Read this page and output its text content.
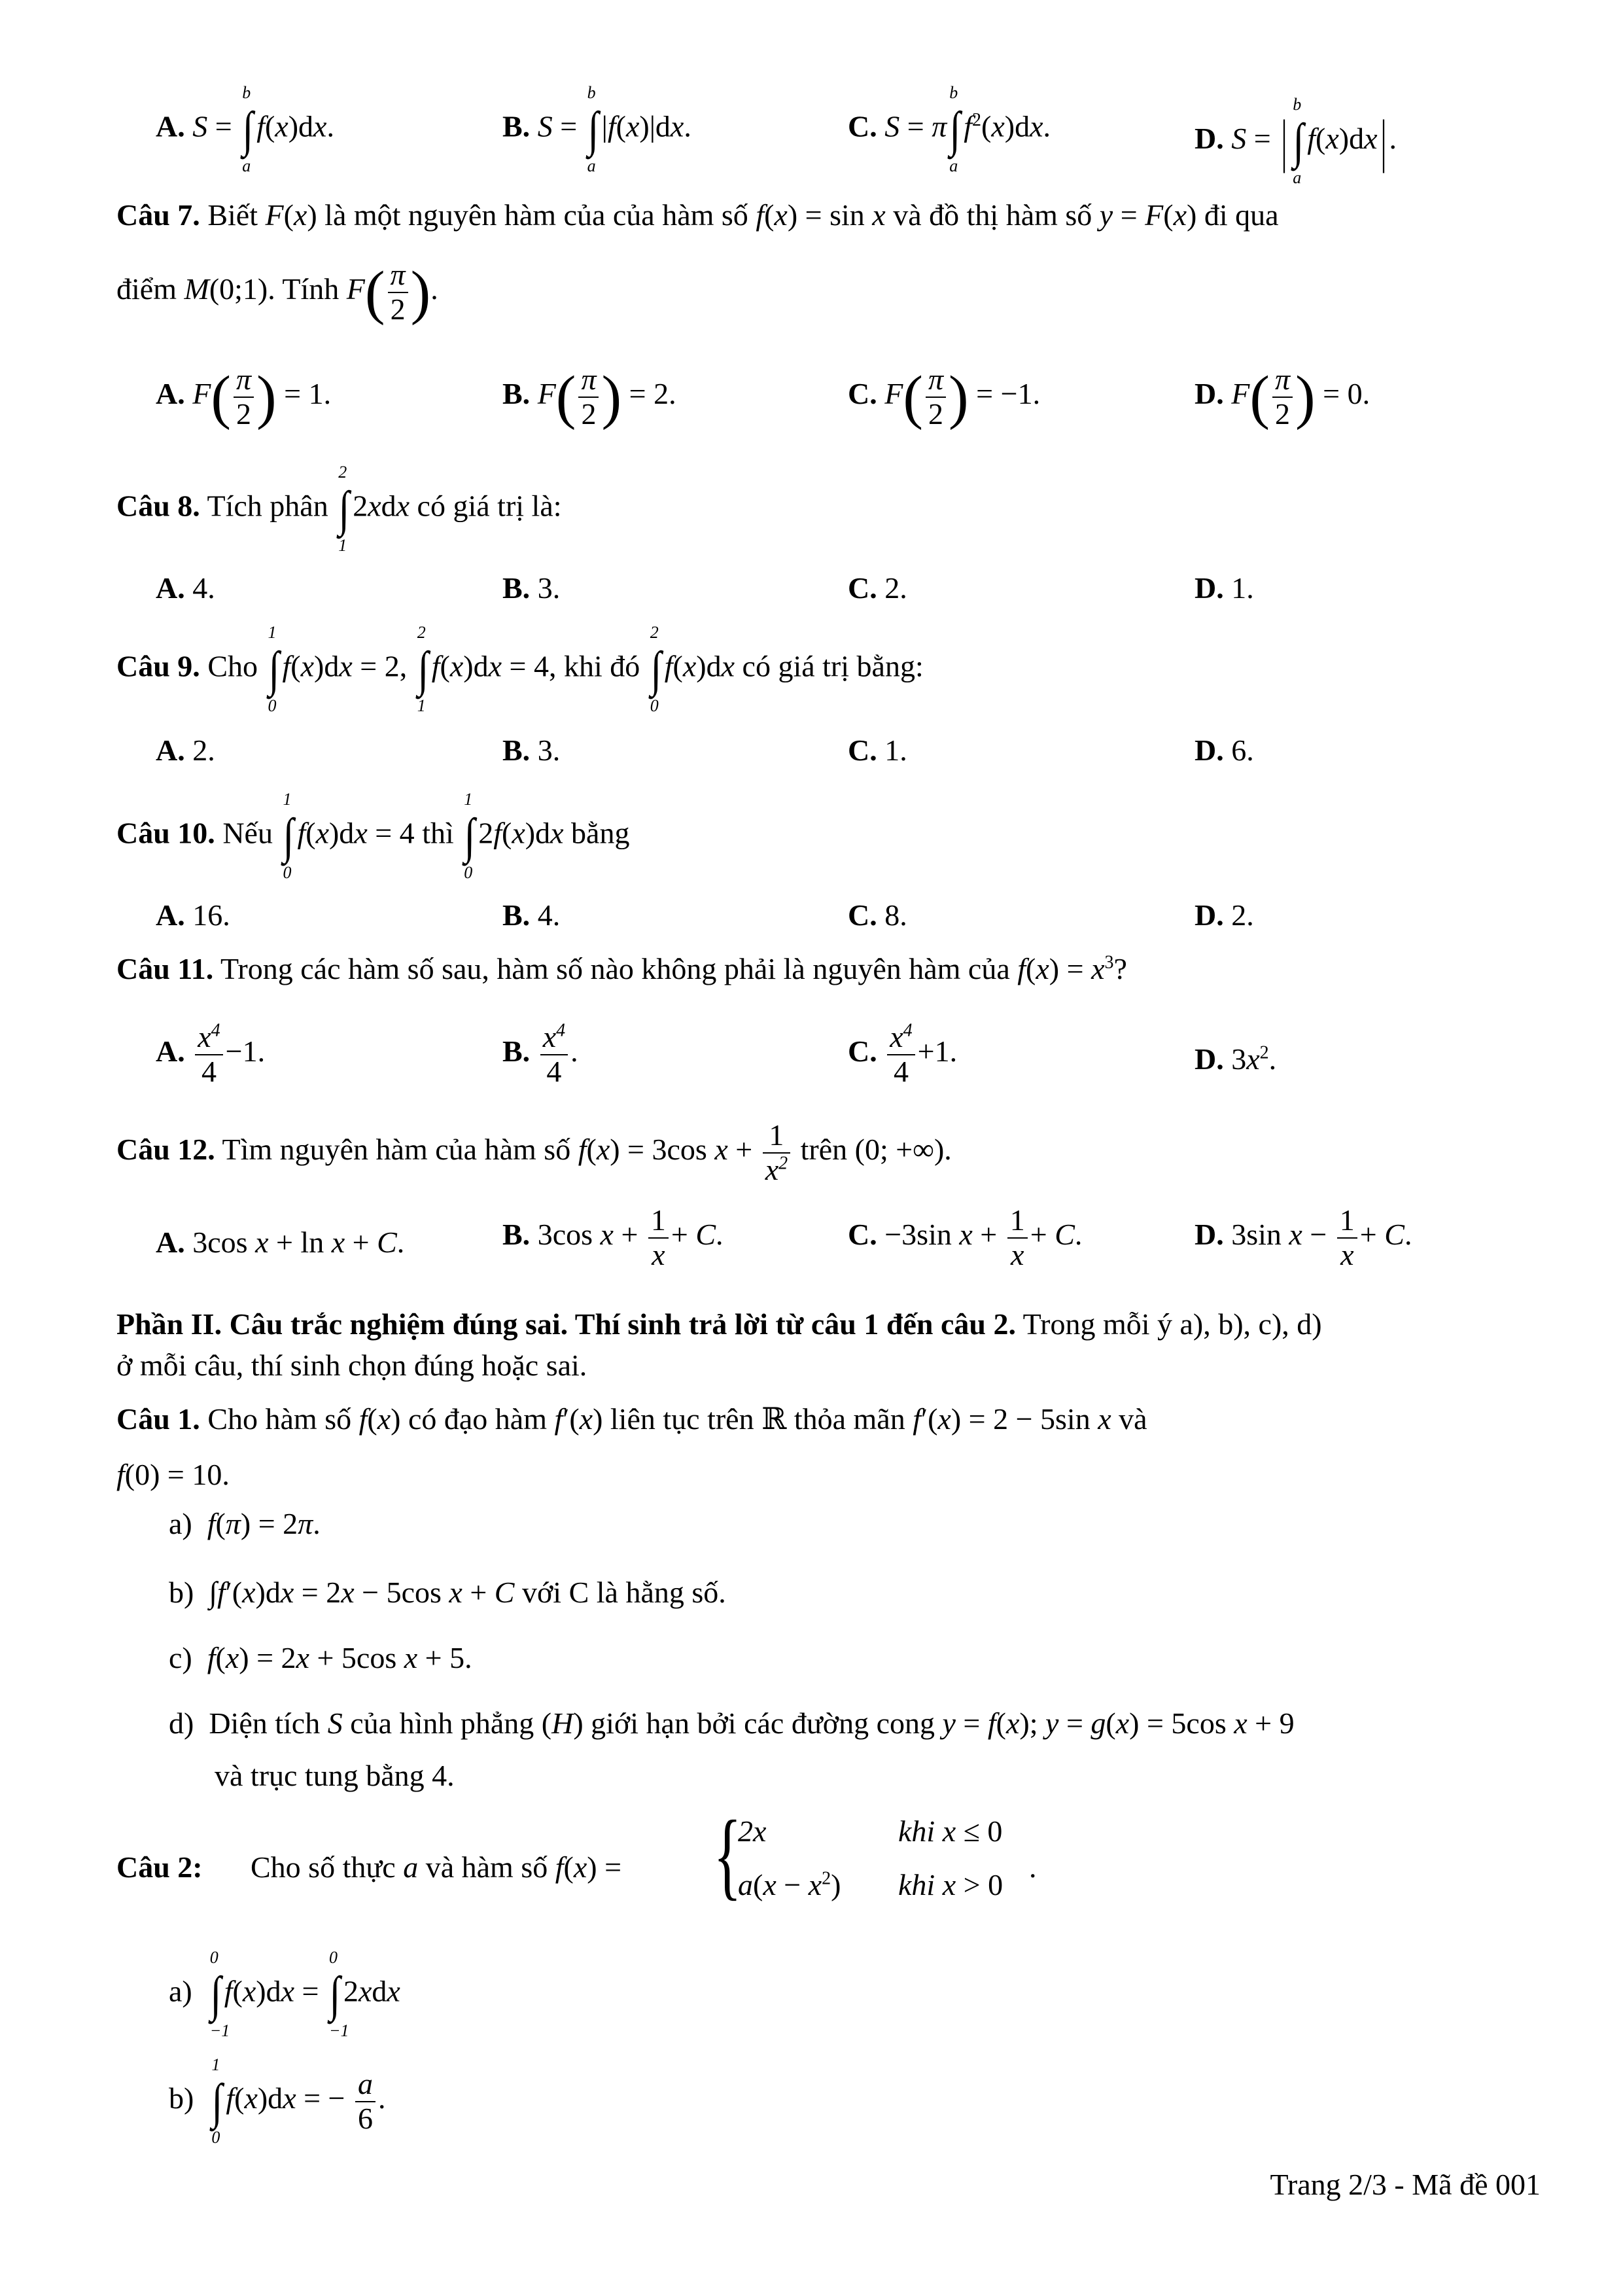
A. S =
b
∫
a
f(x)dx.	B. S =
b
∫
a
|f(x)|dx.	C. S = π
b
∫
a
$f^2(x)dx$.	D. S = |
b
∫
a
f(x)dx|.
Câu 7. Biết F(x) là một nguyên hàm của của hàm số f(x) = sin x và đồ thị hàm số y = F(x) đi qua
điểm M(0;1). Tính $F( \frac{\pi}{2}$ ).
A. $F( \frac{\pi}{2}$ ) = 1.	B. $F( \frac{\pi}{2}$ ) = 2.	C. $F( \frac{\pi}{2}$ ) = −1.	D. $F( \frac{\pi}{2}$ ) = 0.
Câu 8. Tích phân
2
∫
1
2xdx có giá trị là:
A. 4.	B. 3.	C. 2.	D. 1.
Câu 9. Cho
1
∫
0
f(x)dx = 2,
2
∫
1
f(x)dx = 4, khi đó
2
∫
0
f(x)dx có giá trị bằng:
A. 2.	B. 3.	C. 1.	D. 6.
Câu 10. Nếu
1
∫
0
f(x)dx = 4 thì
1
∫
0
2f(x)dx bằng
A. 16.	B. 4.	C. 8.	D. 2.
Câu 11. Trong các hàm số sau, hàm số nào không phải là nguyên hàm của $f(x) = x^3$?
A. $\frac{x^4}{4} -1$.	B. $\frac{x^4}{4}$ .	C. $\frac{x^4}{4} +1$.	D. $3x^2$.
Câu 12. Tìm nguyên hàm của hàm số f(x) = 3cos $x + \frac{1}{x^2}$ trên (0; +∞).
A. 3cos x + ln x + C.	B. 3cos $x + \frac{1}{x} + C$.	C. −3sin $x + \frac{1}{x} + C$.	D. 3sin $x - \frac{1}{x} + C$.
Phần II. Câu trắc nghiệm đúng sai. Thí sinh trả lời từ câu 1 đến câu 2. Trong mỗi ý a), b), c), d)
ở mỗi câu, thí sinh chọn đúng hoặc sai.
Câu 1. Cho hàm số f(x) có đạo hàm f′(x) liên tục trên ℝ thỏa mãn f′(x) = 2 − 5sin x và
f(0) = 10.
a) f(π) = 2π.
b)  ∫f′(x)dx = 2x − 5cos x + C với C là hằng số.
c) f(x) = 2x + 5cos x + 5.
d) Diện tích S của hình phẳng (H) giới hạn bởi các đường cong y = f(x); y = g(x) = 5cos x + 9
và trục tung bằng 4.
Câu 2: Cho số thực a và hàm số f(x) = {
2x	khi x ≤ 0
$a(x - x^2)$ khi x > 0
.
a)
0
∫
−1
f(x)dx =
0
∫
−1
2xdx
b)
1
∫
0
f(x)dx = − $\frac{a}{6}$ .
Trang 2/3 - Mã đề 001
